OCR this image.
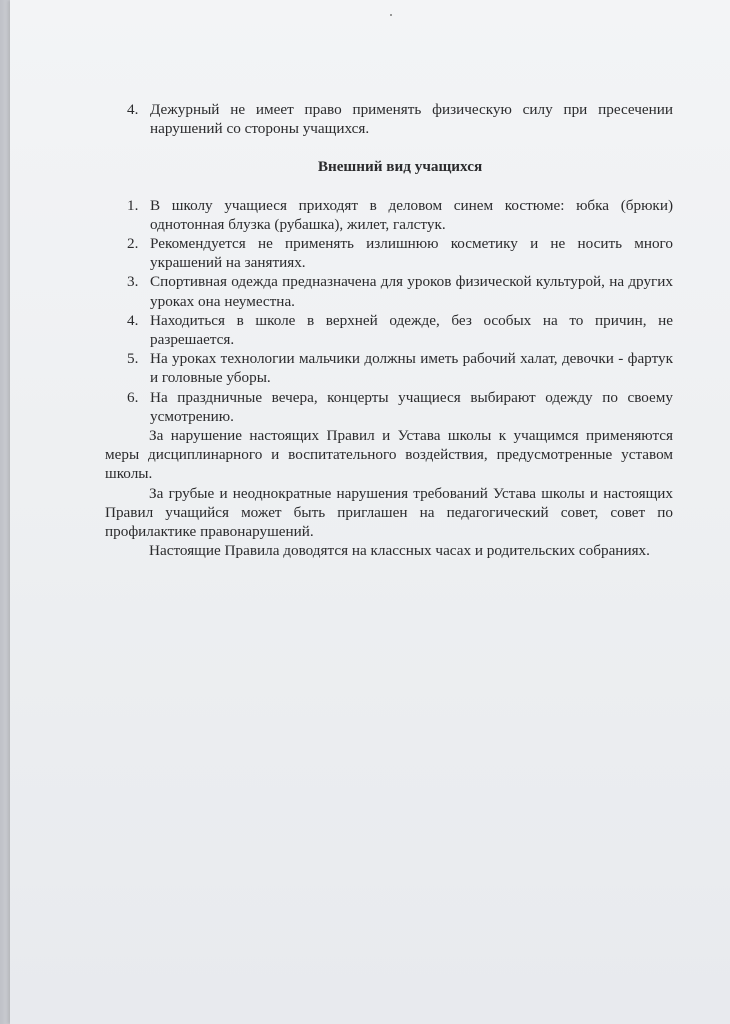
4. Дежурный не имеет право применять физическую силу при пресечении нарушений со стороны учащихся.
Внешний вид учащихся
1. В школу учащиеся приходят в деловом синем костюме: юбка (брюки) однотонная блузка (рубашка), жилет, галстук.
2. Рекомендуется не применять излишнюю косметику и не носить много украшений на занятиях.
3. Спортивная одежда предназначена для уроков физической культурой, на других уроках она неуместна.
4. Находиться в школе в верхней одежде, без особых на то причин, не разрешается.
5. На уроках технологии мальчики должны иметь рабочий халат, девочки - фартук и головные уборы.
6. На праздничные вечера, концерты учащиеся выбирают одежду по своему усмотрению.

За нарушение настоящих Правил и Устава школы к учащимся применяются меры дисциплинарного и воспитательного воздействия, предусмотренные уставом школы.

За грубые и неоднократные нарушения требований Устава школы и настоящих Правил учащийся может быть приглашен на педагогический совет, совет по профилактике правонарушений.

Настоящие Правила доводятся на классных часах и родительских собраниях.
